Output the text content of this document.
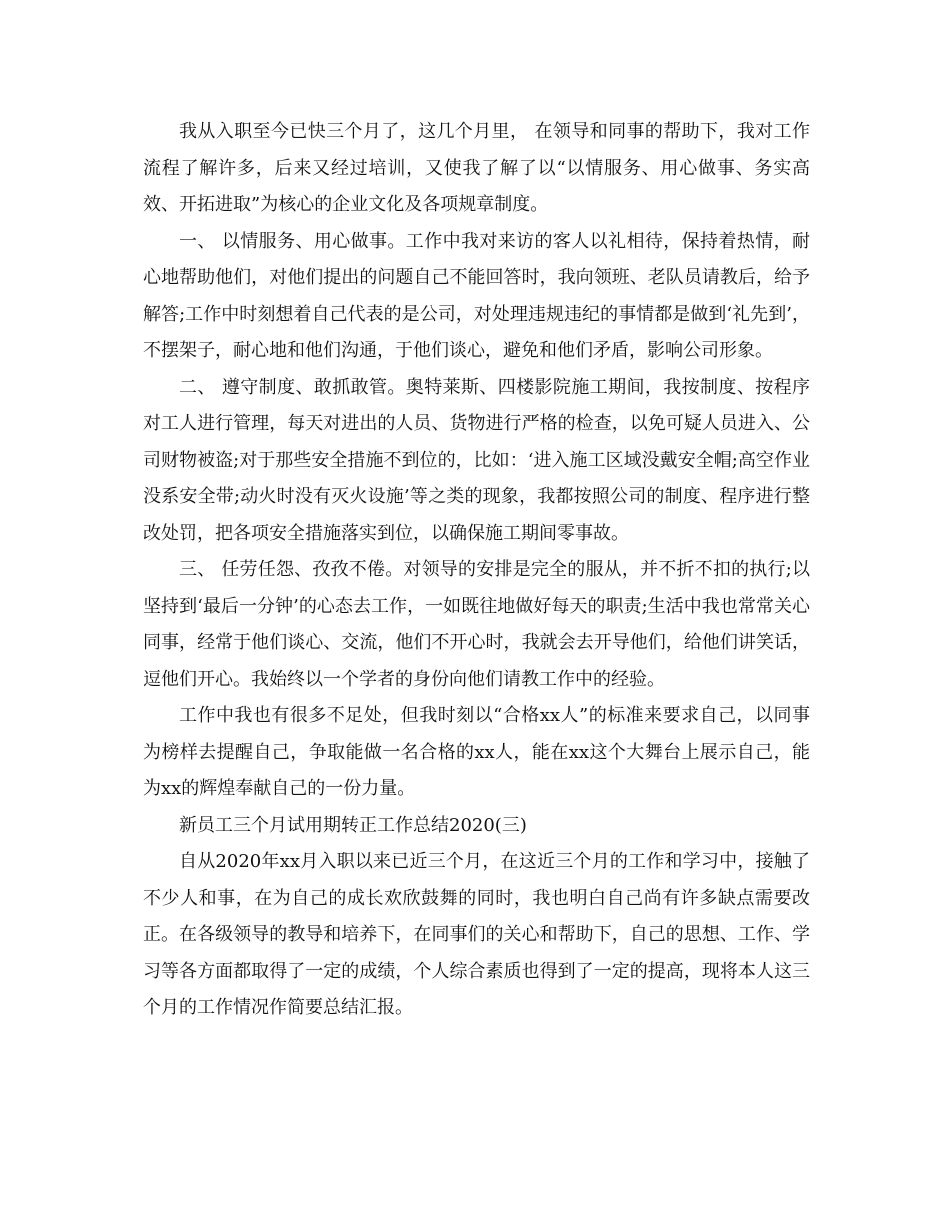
我从入职至今已快三个月了，这几个月里， 在领导和同事的帮助下，我对工作流程了解许多，后来又经过培训，又使我了解了以“以情服务、用心做事、务实高效、开拓进取”为核心的企业文化及各项规章制度。

一、 以情服务、用心做事。工作中我对来访的客人以礼相待，保持着热情，耐心地帮助他们，对他们提出的问题自己不能回答时，我向领班、老队员请教后，给予解答;工作中时刻想着自己代表的是公司，对处理违规违纪的事情都是做到‘礼先到’，不摆架子，耐心地和他们沟通，于他们谈心，避免和他们矛盾，影响公司形象。

二、 遵守制度、敢抓敢管。奥特莱斯、四楼影院施工期间，我按制度、按程序对工人进行管理，每天对进出的人员、货物进行严格的检查，以免可疑人员进入、公司财物被盗;对于那些安全措施不到位的，比如：‘进入施工区域没戴安全帽;高空作业没系安全带;动火时没有灭火设施’等之类的现象，我都按照公司的制度、程序进行整改处罚，把各项安全措施落实到位，以确保施工期间零事故。

三、 任劳任怨、孜孜不倦。对领导的安排是完全的服从，并不折不扣的执行;以坚持到‘最后一分钟’的心态去工作，一如既往地做好每天的职责;生活中我也常常关心同事，经常于他们谈心、交流，他们不开心时，我就会去开导他们，给他们讲笑话，逗他们开心。我始终以一个学者的身份向他们请教工作中的经验。

工作中我也有很多不足处，但我时刻以“合格xx人”的标准来要求自己，以同事为榜样去提醒自己，争取能做一名合格的xx人，能在xx这个大舞台上展示自己，能为xx的辉煌奉献自己的一份力量。

新员工三个月试用期转正工作总结2020(三)

自从2020年xx月入职以来已近三个月，在这近三个月的工作和学习中，接触了不少人和事，在为自己的成长欢欣鼓舞的同时，我也明白自己尚有许多缺点需要改正。在各级领导的教导和培养下，在同事们的关心和帮助下，自己的思想、工作、学习等各方面都取得了一定的成绩，个人综合素质也得到了一定的提高，现将本人这三个月的工作情况作简要总结汇报。
